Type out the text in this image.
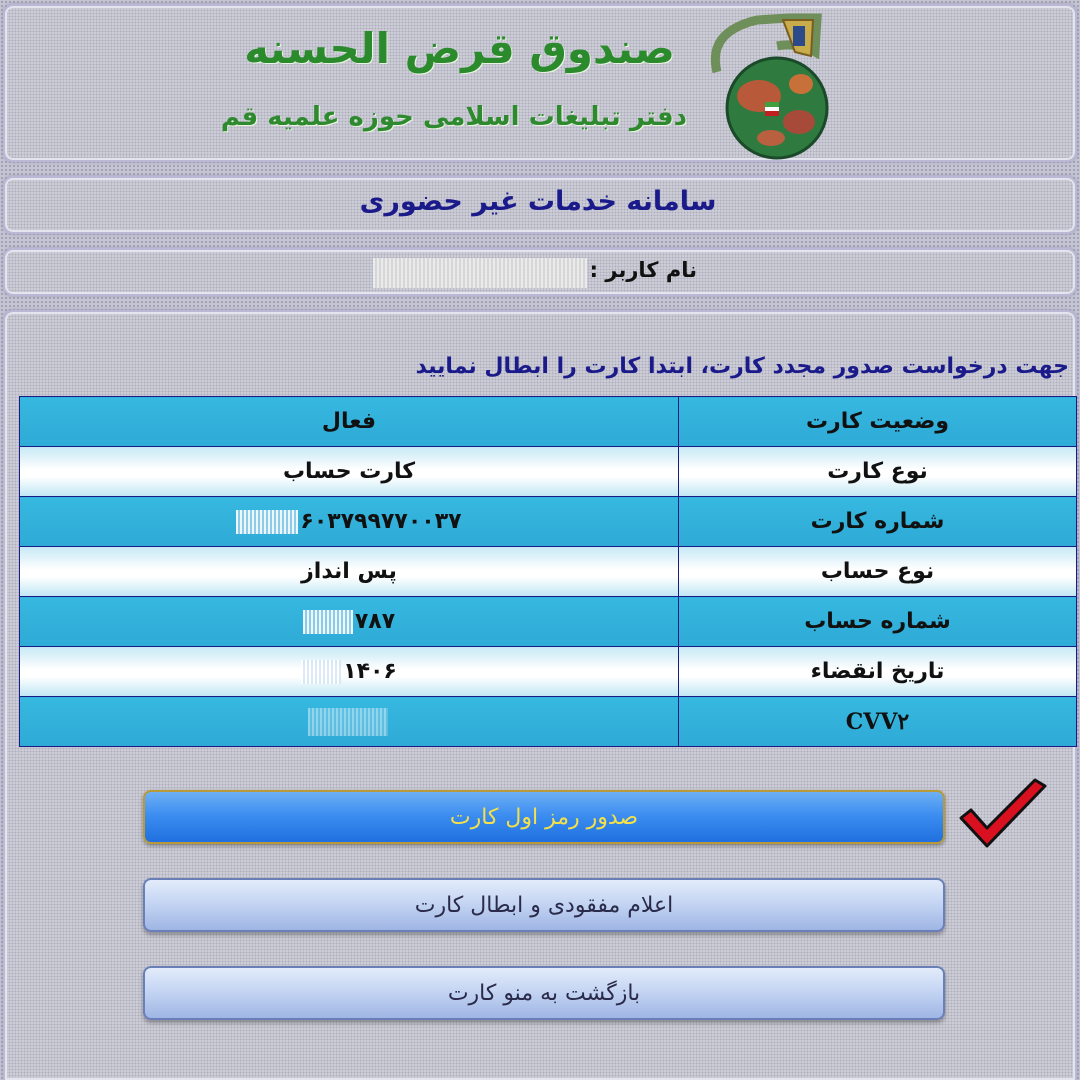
صندوق قرض الحسنه
دفتر تبلیغات اسلامی حوزه علمیه قم
سامانه خدمات غیر حضوری
نام کاربر :
جهت درخواست صدور مجدد کارت، ابتدا کارت را ابطال نمایید
وضعیت کارت	فعال
نوع کارت	کارت حساب
شماره کارت	۶۰۳۷۹۹۷۷۰۰۳۷
نوع حساب	پس انداز
شماره حساب	۷۸۷
تاریخ انقضاء	۱۴۰۶
CVV۲	
صدور رمز اول کارت
اعلام مفقودی و ابطال کارت
بازگشت به منو کارت
